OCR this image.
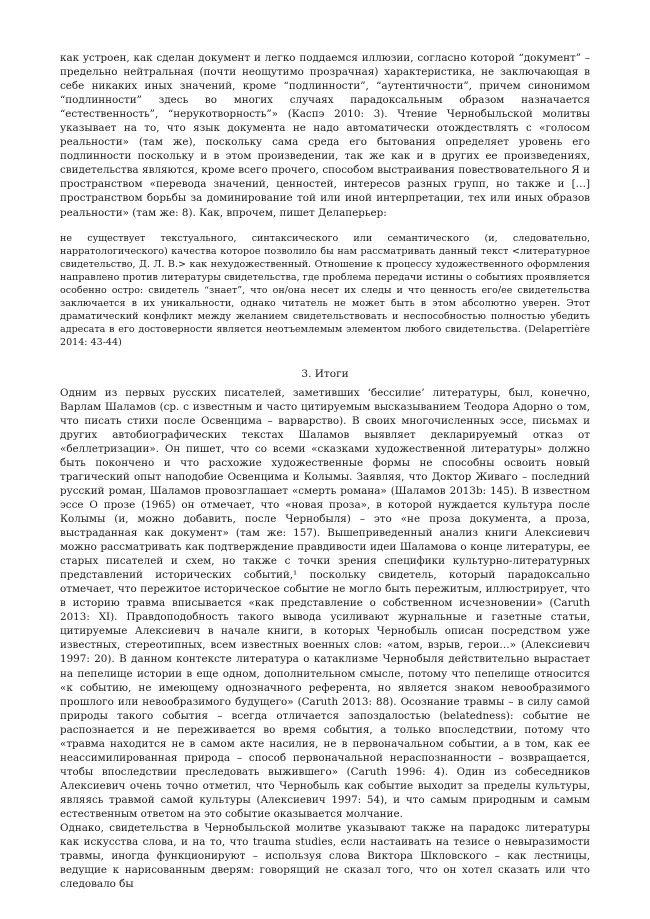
как устроен, как сделан документ и легко поддаемся иллюзии, согласно которой “документ” – предельно нейтральная (почти неощутимо прозрачная) характеристика, не заключающая в себе никаких иных значений, кроме “подлинности”, “аутентичности”, причем синонимом “подлинности” здесь во многих случаях парадоксальным образом назначается “естественность”, “нерукотворность”» (Кaспэ 2010: 3). Чтение Чернобыльской молитвы указывает на то, что язык документа не надо автоматически отождествлять с «голосом реальности» (там же), поскольку сама среда его бытования определяет уровень его подлинности поскольку и в этом произведении, так же как и в других ее произведениях, свидетельства являются, кроме всего прочего, способом выстраивания повествовательного Я и пространством «перевода значений, ценностей, интересов разных групп, но также и […] пространством борьбы за доминирование той или иной интерпретации, тех или иных образов реальности» (там же: 8). Как, впрочем, пишет Делаперьер:

не существует текстуального, синтаксического или семантического (и, следовательно, нарратологического) качества которое позволило бы нам рассматривать данный текст <литературное свидетельство, Д. Л. В.> как нехудожественный. Отношение к процессу художественного оформления направлено против литературы свидетельства, где проблема передачи истины о событиях проявляется особенно остро: свидетель “знает”, что он/она несет их следы и что ценность его/ее свидетельства заключается в их уникальности, однако читатель не может быть в этом абсолютно уверен. Этот драматический конфликт между желанием свидетельствовать и неспособностью полностью убедить адресата в его достоверности является неотъемлемым элементом любого свидетельства. (Delaperrière 2014: 43-44)

3. Итоги

Одним из первых русских писателей, заметивших ‘бессилие’ литературы, был, конечно, Варлам Шаламов (ср. с известным и часто цитируемым высказыванием Теодора Адорно о том, что писать стихи после Освенцима – варварство). В своих многочисленных эссе, письмах и других автобиографических текстах Шаламов выявляет декларируемый отказ от «беллетризации». Он пишет, что со всеми «сказками художественной литературы» должно быть покончено и что расхожие художественные формы не способны освоить новый трагический опыт наподобие Освенцима и Колымы. Заявляя, что Доктор Живаго – последний русский роман, Шаламов провозглашает «смерть романа» (Шaлaмов 2013b: 145). В известном эссе О прозе (1965) он отмечает, что «новая проза», в которой нуждается культура после Колымы (и, можно добавить, после Чернобыля) – это «не проза документа, а проза, выстраданная как документ» (там же: 157). Вышеприведенный анализ книги Алексиевич можно рассматривать как подтверждение правдивости идеи Шаламова о конце литературы, ее старых писателей и схем, но также с точки зрения специфики культурно-литературных представлений исторических событий,¹ поскольку свидетель, который парадоксально отмечает, что пережитое историческое событие не могло быть пережитым, иллюстрирует, что в историю травма вписывается «как представление о собственном исчезновении» (Caruth 2013: XI). Правдоподобность такого вывода усиливают журнальные и газетные статьи, цитируемые Алексиевич в начале книги, в которых Чернобыль описан посредством уже известных, стереотипных, всем известных военных слов: «атом, взрыв, герои…» (Aлексиевич 1997: 20). В данном контексте литература о катаклизме Чернобыля действительно вырастает на пепелище истории в еще одном, дополнительном смысле, потому что пепелище относится «к событию, не имеющему однозначного референта, но является знаком невообразимого прошлого или невообразимого будущего» (Caruth 2013: 88). Осознание травмы – в силу самой природы такого события – всегда отличается запоздалостью (belatedness): событие не распознается и не переживается во время события, а только впоследствии, потому что «травма находится не в самом акте насилия, не в первоначальном событии, а в том, как ее неассимилированная природа – способ первоначальной нераспознанности – возвращается, чтобы впоследствии преследовать выжившего» (Caruth 1996: 4). Один из собеседников Алексиевич очень точно отметил, что Чернобыль как событие выходит за пределы культуры, являясь травмой самой культуры (Aлексиевич 1997: 54), и что самым природным и самым естественным ответом на это событие оказывается молчание.

Однако, свидетельства в Чернобыльской молитве указывают также на парадокс литературы как искусства слова, и на то, что trauma studies, если настаивать на тезисе о невыразимости травмы, иногда функционируют – используя слова Виктора Шкловского – как лестницы, ведущие к нарисованным дверям: говорящий не сказал того, что он хотел сказать или что следовало бы
